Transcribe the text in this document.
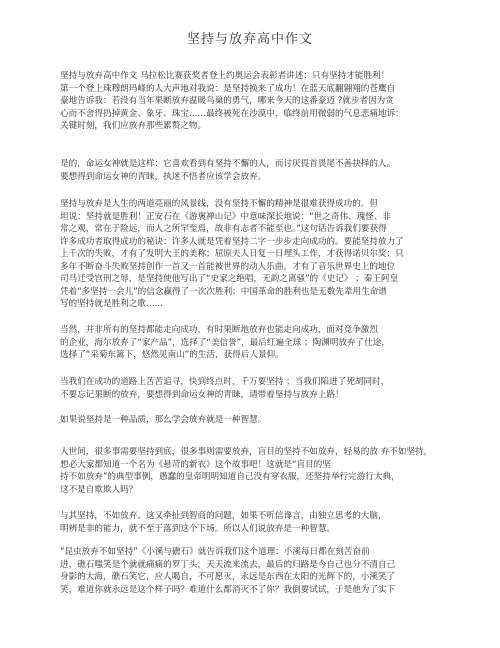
坚持与放弃高中作文
坚持与放弃高中作文 马拉松比赛获奖者登上约奥运会表彰者讲述：只有坚持才能胜利！
第一个登上珠穆朗玛峰的人大声地对我说：是坚持换来了成功！在蓝天底翻翱翔的苍鹰自
豪地告诉我：若没有当年果断放弃温暖鸟巢的勇气，哪来今天的这番豪迈 ?就步者因为贪
心而不舍得扔掉黄金、象牙、珠宝……最终被死在沙漠中，临终前用微弱的气息悲痛地诉：
关键时刻，我们应放弃那些累赘之物。
是的，命运女神就是这样：它喜欢看到有坚持不懈的人，而讨厌畏首畏尾不善抉择的人。
要想得到命运女神的青睐，执迷不悟者应该学会放弃。
坚持与放弃是人生的两道亮丽的风景线，没有坚持不懈的精神是很难获得成功的。但
坦说：坚持就是胜利！正安石在《游褒禅山记》中意味深长地说：“世之奇伟、瑰怪、非
常之观，常在于险远，而人之所罕至焉，故非有志者不能至也。”这句话告诉我们要获得
许多成功者取得成功的秘诀：许多人就是凭着坚持二字一步步走向成功的。要能坚持放力了
上千次的失败，才有了发明大王的美称；屈原夫人日复一日埋头工作，才获得诺贝尔奖；只
多年不断奋斗失败坚持创作一首又一首能被世界的动人乐曲，才有了音乐世界史上的地位
司马迁受宫刑之辱，是坚持使他写出了“史家之绝唱，无韵之离骚”的《史记》 ；秦王阿皇
凭着“多坚持一会儿”的信念赢得了一次次胜利；中国革命的胜利也是无数先辈用生命谱
写的坚持就是胜利之歌……
当然，并非所有的坚持都能走向成功，有时果断地放弃也能走向成功，面对竞争激烈
的企业，海尔放弃了“家产品”，选择了“美信誉”，最后红遍全球 ；陶渊明放弃了仕途，
选择了“采菊东篱下，悠然见南山”的生活，获得后人景仰。
当我们在成功的道路上苦苦追寻，快到终点时，千万要坚持 ；当我们陷进了死胡同时，
不要忘记果断的放弃，要想得到命运女神的青睐，请带着坚持与放弃上路！
如果说坚持是一种品质，那么学会放弃就是一种智慧。
人世间，很多事需要坚持到底，很多事则需要放弃，盲目的坚持不如放弃，轻易的放 弃不如坚持，
想必大家都知道一个名为《悬苛的新衣》这个故事吧！这就是“盲目的坚
持不如放弃”的典型事例，愚蠢的皇帝明明知道自己没有穿衣服，还坚持举行完游行大典，
这不是自欺欺人吗？
与其坚持，不如放弃。这又牵扯到智商的问题，如果不听信谗言，由独立思考的大脑，
明辨是非的能力，就不至于落到这个下场。所以人们说放弃是一种智慧。
“昆虫放弃不如坚持”《小溪与礁石》就告诉我们这个道理：小溪每日都在刻苦奋前
进，礁石嗤笑是个就就痛痛的罗丁头，天天流来流去，最后的归路是今自己也分不清自己
身影的大海，礁石笑它，应人喝自，不可愿灭，永远是东西在太阳的光辉下的，小溪笑了
笑，难道你就永远是这个样子吗？难道什么都消灭不了你？我倒要试试，于是他为了实下
